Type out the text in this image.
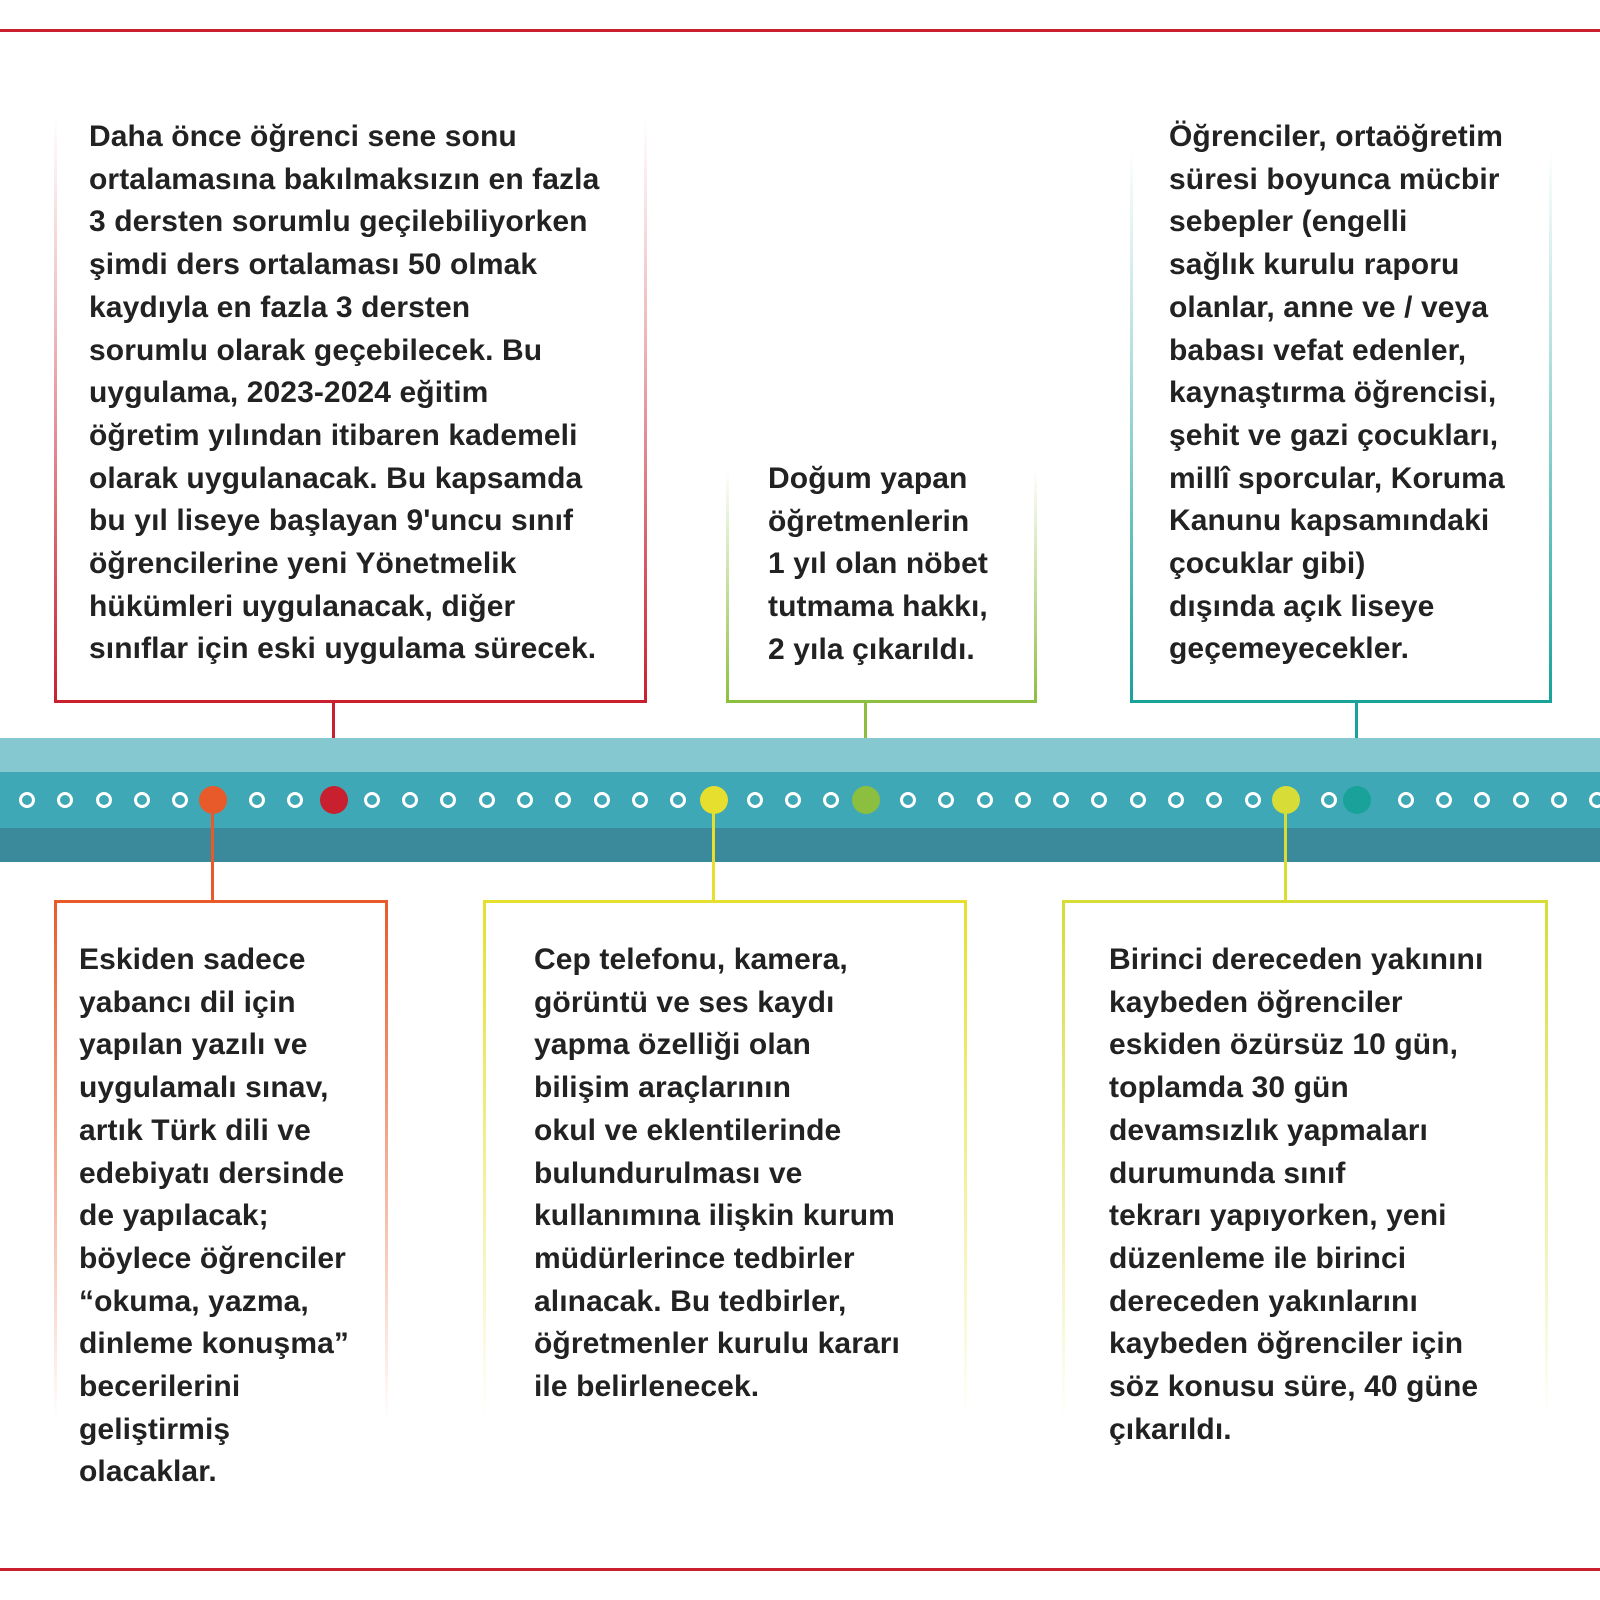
Daha önce öğrenci sene sonu
ortalamasına bakılmaksızın en fazla
3 dersten sorumlu geçilebiliyorken
şimdi ders ortalaması 50 olmak
kaydıyla en fazla 3 dersten
sorumlu olarak geçebilecek. Bu
uygulama, 2023-2024 eğitim
öğretim yılından itibaren kademeli
olarak uygulanacak. Bu kapsamda
bu yıl liseye başlayan 9'uncu sınıf
öğrencilerine yeni Yönetmelik
hükümleri uygulanacak, diğer
sınıflar için eski uygulama sürecek.

Doğum yapan
öğretmenlerin
1 yıl olan nöbet
tutmama hakkı,
2 yıla çıkarıldı.

Öğrenciler, ortaöğretim
süresi boyunca mücbir
sebepler (engelli
sağlık kurulu raporu
olanlar, anne ve / veya
babası vefat edenler,
kaynaştırma öğrencisi,
şehit ve gazi çocukları,
millî sporcular, Koruma
Kanunu kapsamındaki
çocuklar gibi)
dışında açık liseye
geçemeyecekler.

Eskiden sadece
yabancı dil için
yapılan yazılı ve
uygulamalı sınav,
artık Türk dili ve
edebiyatı dersinde
de yapılacak;
böylece öğrenciler
“okuma, yazma,
dinleme konuşma”
becerilerini
geliştirmiş
olacaklar.

Cep telefonu, kamera,
görüntü ve ses kaydı
yapma özelliği olan
bilişim araçlarının
okul ve eklentilerinde
bulundurulması ve
kullanımına ilişkin kurum
müdürlerince tedbirler
alınacak. Bu tedbirler,
öğretmenler kurulu kararı
ile belirlenecek.

Birinci dereceden yakınını
kaybeden öğrenciler
eskiden özürsüz 10 gün,
toplamda 30 gün
devamsızlık yapmaları
durumunda sınıf
tekrarı yapıyorken, yeni
düzenleme ile birinci
dereceden yakınlarını
kaybeden öğrenciler için
söz konusu süre, 40 güne
çıkarıldı.
